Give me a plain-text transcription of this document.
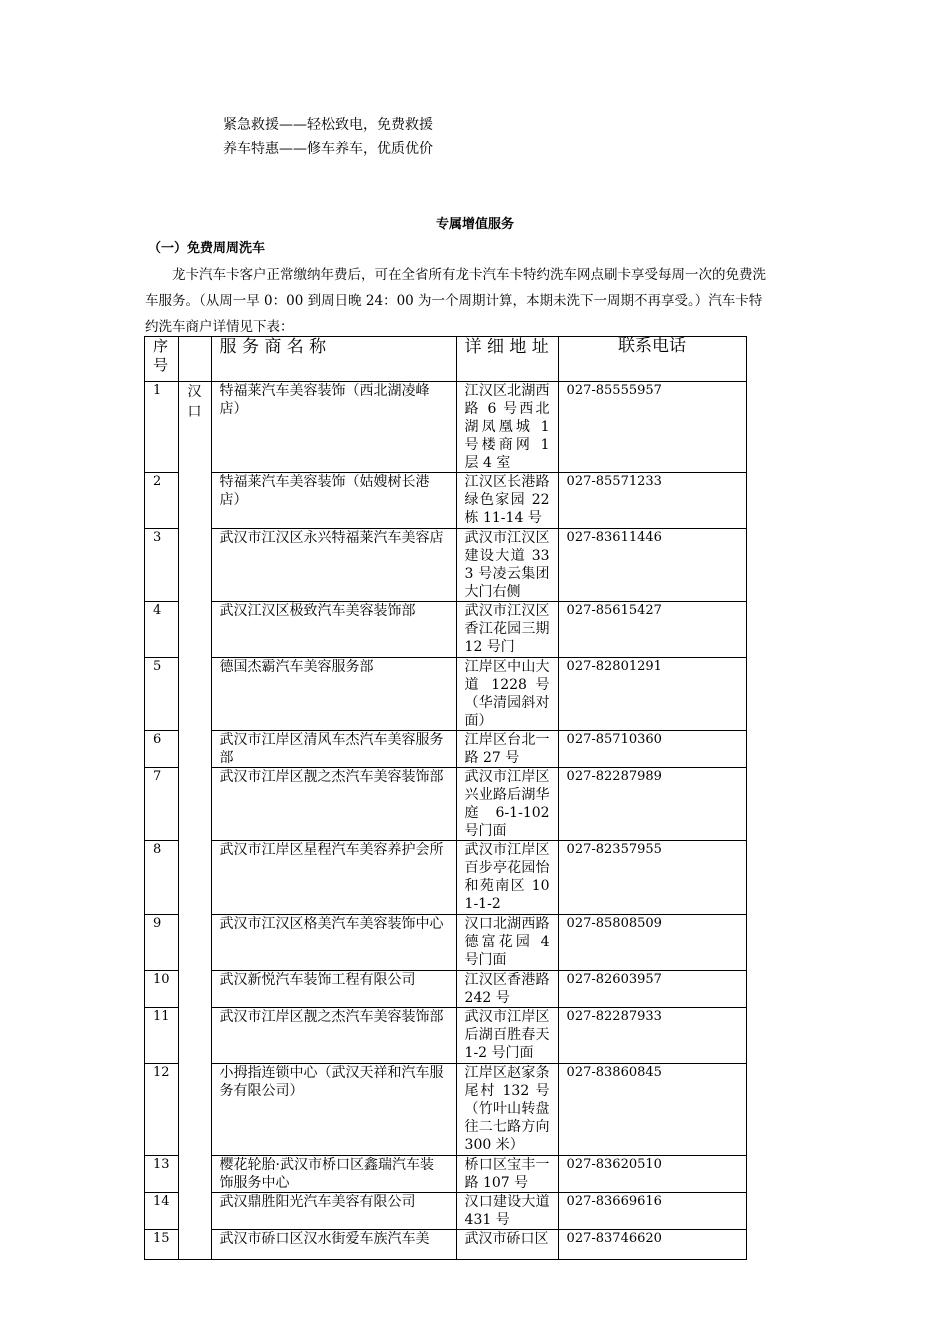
紧急救援——轻松致电，免费救援
养车特惠——修车养车，优质优价
专属增值服务
（一）免费周周洗车
龙卡汽车卡客户正常缴纳年费后，可在全省所有龙卡汽车卡特约洗车网点刷卡享受每周一次的免费洗
车服务。（从周一早 0：00 到周日晚 24：00 为一个周期计算，本期未洗下一周期不再享受。）汽车卡特
约洗车商户详情见下表：
序号		服 务 商 名 称	详 细 地 址	联系电话
1	汉口	特福莱汽车美容装饰（西北湖凌峰店）	江汉区北湖西路 6 号西北湖凤凰城 1 号楼商网 1 层 4 室	027-85555957
2		特福莱汽车美容装饰（姑嫂树长港店）	江汉区长港路绿色家园 22 栋 11-14 号	027-85571233
3		武汉市江汉区永兴特福莱汽车美容店	武汉市江汉区建设大道 333 号凌云集团大门右侧	027-83611446
4		武汉江汉区极致汽车美容装饰部	武汉市江汉区香江花园三期 12 号门	027-85615427
5		德国杰霸汽车美容服务部	江岸区中山大道 1228 号（华清园斜对面）	027-82801291
6		武汉市江岸区清风车杰汽车美容服务部	江岸区台北一路 27 号	027-85710360
7		武汉市江岸区靓之杰汽车美容装饰部	武汉市江岸区兴业路后湖华庭 6-1-102 号门面	027-82287989
8		武汉市江岸区星程汽车美容养护会所	武汉市江岸区百步亭花园怡和苑南区 101-1-2	027-82357955
9		武汉市江汉区格美汽车美容装饰中心	汉口北湖西路德富花园 4 号门面	027-85808509
10		武汉新悦汽车装饰工程有限公司	江汉区香港路 242 号	027-82603957
11		武汉市江岸区靓之杰汽车美容装饰部	武汉市江岸区后湖百胜春天 1-2 号门面	027-82287933
12		小拇指连锁中心（武汉天祥和汽车服务有限公司）	江岸区赵家条尾村 132 号（竹叶山转盘往二七路方向 300 米）	027-83860845
13		樱花轮胎·武汉市桥口区鑫瑞汽车装饰服务中心	桥口区宝丰一路 107 号	027-83620510
14		武汉鼎胜阳光汽车美容有限公司	汉口建设大道 431 号	027-83669616
15		武汉市硚口区汉水街爱车族汽车美	武汉市硚口区	027-83746620
